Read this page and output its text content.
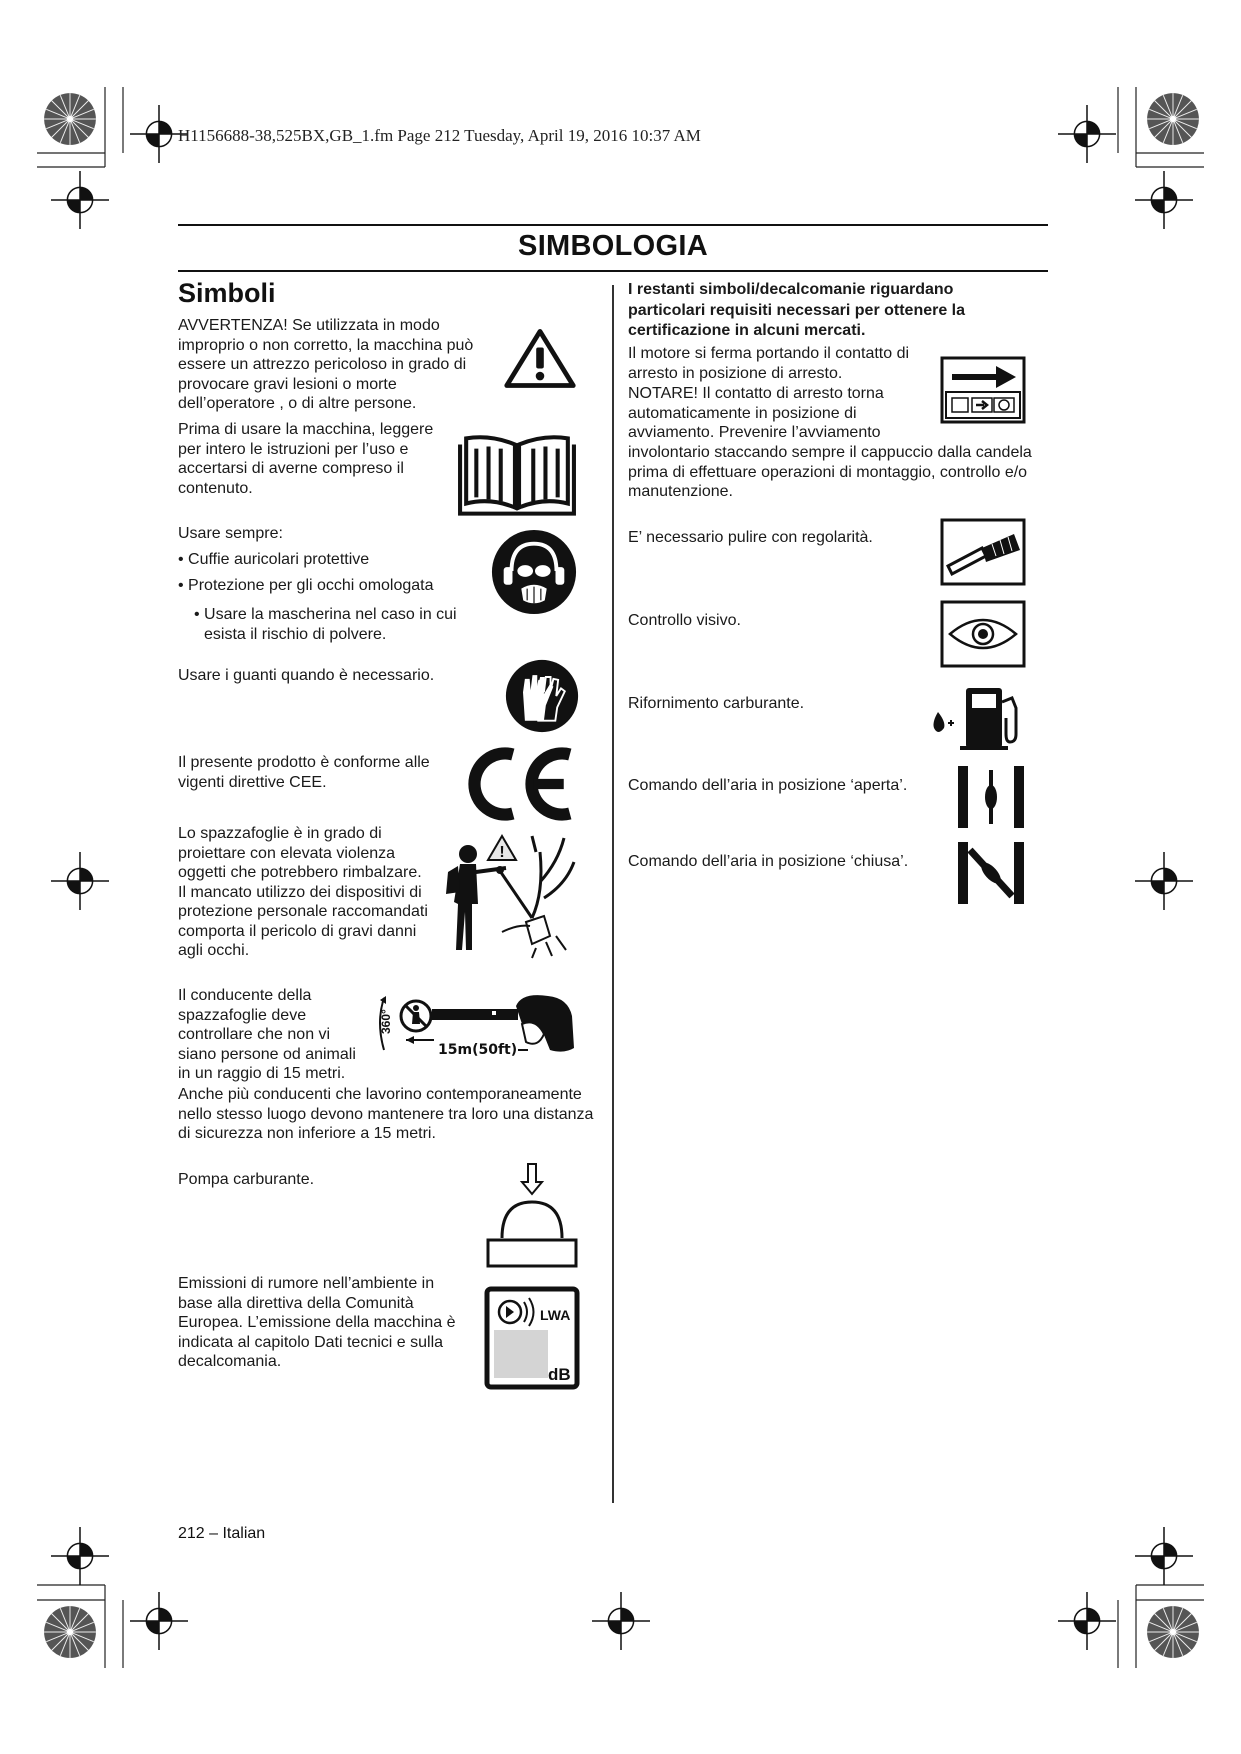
H1156688-38,525BX,GB_1.fm Page 212 Tuesday, April 19, 2016 10:37 AM
SIMBOLOGIA
Simboli
AVVERTENZA! Se utilizzata in modo improprio o non corretto, la macchina può essere un attrezzo pericoloso in grado di provocare gravi lesioni o morte dell’operatore , o di altre persone.
Prima di usare la macchina, leggere per intero le istruzioni per l’uso e accertarsi di averne compreso il contenuto.
Usare sempre:
• Cuffie auricolari protettive
• Protezione per gli occhi omologata
• Usare la mascherina nel caso in cui esista il rischio di polvere.
Usare i guanti quando è necessario.
Il presente prodotto è conforme alle vigenti direttive CEE.
Lo spazzafoglie è in grado di proiettare con elevata violenza oggetti che potrebbero rimbalzare. Il mancato utilizzo dei dispositivi di protezione personale raccomandati comporta il pericolo di gravi danni agli occhi.
!
Il conducente della spazzafoglie deve controllare che non vi siano persone od animali in un raggio di 15 metri.
Anche più conducenti che lavorino contemporaneamente nello stesso luogo devono mantenere tra loro una distanza di sicurezza non inferiore a 15 metri.
360°
15m(50ft)
Pompa carburante.
Emissioni di rumore nell’ambiente in base alla direttiva della Comunità Europea. L’emissione della macchina è indicata al capitolo Dati tecnici e sulla decalcomania.
LWA
dB
I restanti simboli/decalcomanie riguardano particolari requisiti necessari per ottenere la certificazione in alcuni mercati.
Il motore si ferma portando il contatto di arresto in posizione di arresto.
NOTARE! Il contatto di arresto torna automaticamente in posizione di avviamento. Prevenire l’avviamento
involontario staccando sempre il cappuccio dalla candela prima di effettuare operazioni di montaggio, controllo e/o manutenzione.
E’ necessario pulire con regolarità.
Controllo visivo.
Rifornimento carburante.
Comando dell’aria in posizione ‘aperta’.
Comando dell’aria in posizione ‘chiusa’.
212 – Italian
